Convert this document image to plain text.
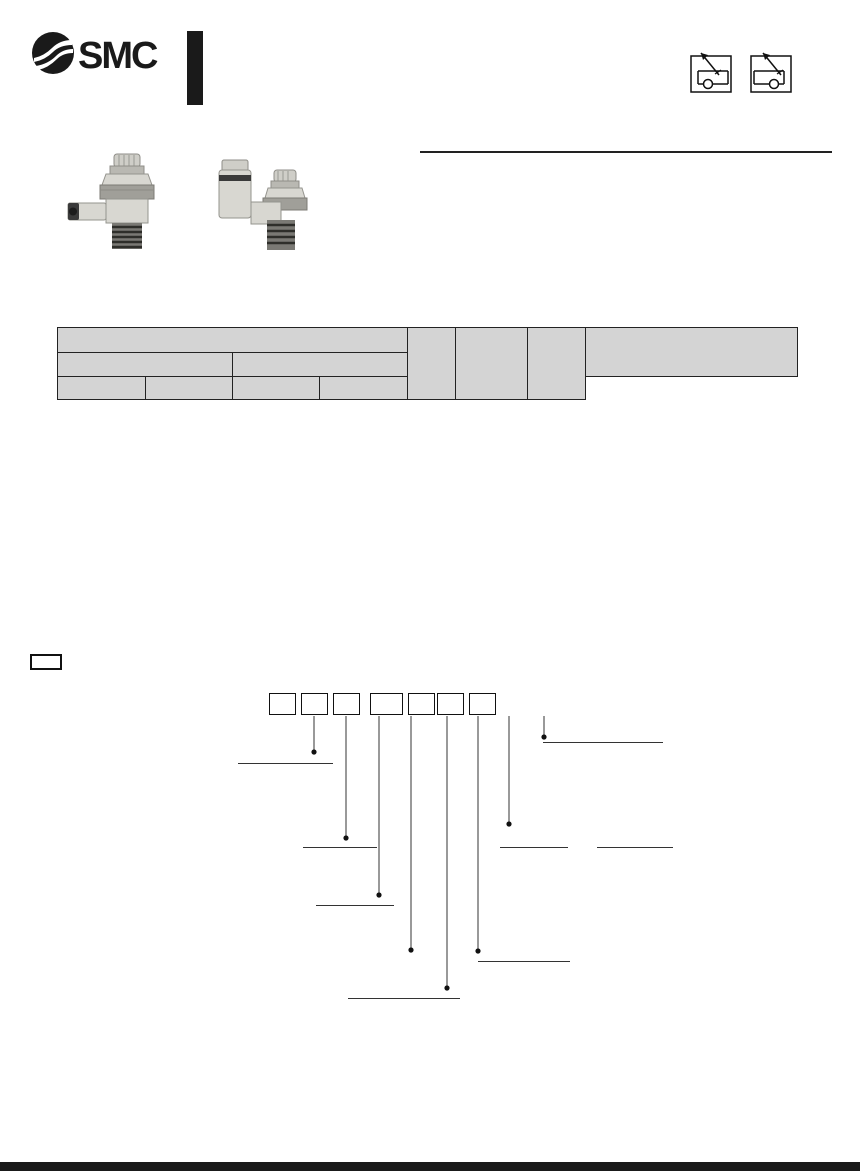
SMC
